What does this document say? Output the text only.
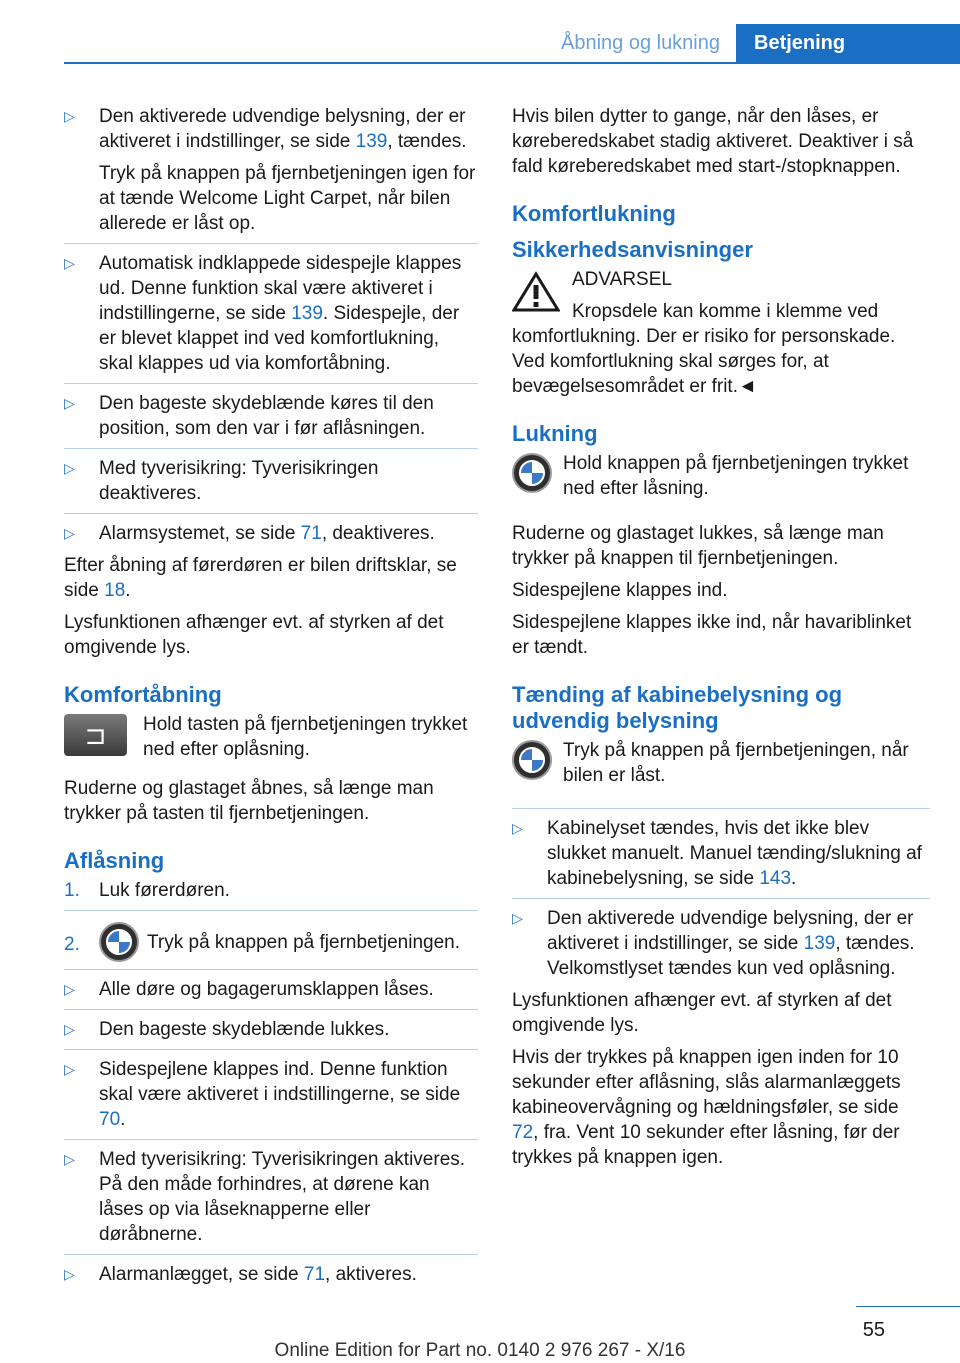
Åbning og lukning	Betjening
▷ Den aktiverede udvendige belysning, der er aktiveret i indstillinger, se side 139, tændes.

Tryk på knappen på fjernbetjeningen igen for at tænde Welcome Light Carpet, når bilen allerede er låst op.

▷ Automatisk indklappede sidespejle klappes ud. Denne funktion skal være aktiveret i indstillingerne, se side 139. Sidespejle, der er blevet klappet ind ved komfortlukning, skal klappes ud via komfortåbning.
▷ Den bageste skydeblænde køres til den position, som den var i før aflåsningen.
▷ Med tyverisikring: Tyverisikringen deaktiveres.
▷ Alarmsystemet, se side 71, deaktiveres.

Efter åbning af førerdøren er bilen driftsklar, se side 18.

Lysfunktionen afhænger evt. af styrken af det omgivende lys.

Komfortåbning
⊐	Hold tasten på fjernbetjeningen trykket ned efter oplåsning.

Ruderne og glastaget åbnes, så længe man trykker på tasten til fjernbetjeningen.

Aflåsning
1. Luk førerdøren.
2.	Tryk på knappen på fjernbetjeningen.
▷ Alle døre og bagagerumsklappen låses.
▷ Den bageste skydeblænde lukkes.
▷ Sidespejlene klappes ind. Denne funktion skal være aktiveret i indstillingerne, se side 70.
▷ Med tyverisikring: Tyverisikringen aktiveres. På den måde forhindres, at dørene kan låses op via låseknapperne eller døråbnerne.
▷ Alarmanlægget, se side 71, aktiveres.

Hvis bilen dytter to gange, når den låses, er køreberedskabet stadig aktiveret. Deaktiver i så fald køreberedskabet med start-/stopknappen.

Komfortlukning
Sikkerhedsanvisninger
ADVARSEL
Kropsdele kan komme i klemme ved komfortlukning. Der er risiko for personskade. Ved komfortlukning skal sørges for, at bevægelsesområdet er frit.◄
Lukning
Hold knappen på fjernbetjeningen trykket ned efter låsning.

Ruderne og glastaget lukkes, så længe man trykker på knappen til fjernbetjeningen.

Sidespejlene klappes ind.

Sidespejlene klappes ikke ind, når havariblinket er tændt.

Tænding af kabinebelysning og udvendig belysning
Tryk på knappen på fjernbetjeningen, når bilen er låst.
▷ Kabinelyset tændes, hvis det ikke blev slukket manuelt. Manuel tænding/slukning af kabinebelysning, se side 143.
▷ Den aktiverede udvendige belysning, der er aktiveret i indstillinger, se side 139, tændes. Velkomstlyset tændes kun ved oplåsning.

Lysfunktionen afhænger evt. af styrken af det omgivende lys.

Hvis der trykkes på knappen igen inden for 10 sekunder efter aflåsning, slås alarmanlæggets kabineovervågning og hældningsføler, se side 72, fra. Vent 10 sekunder efter låsning, før der trykkes på knappen igen.

55
Online Edition for Part no. 0140 2 976 267 - X/16
